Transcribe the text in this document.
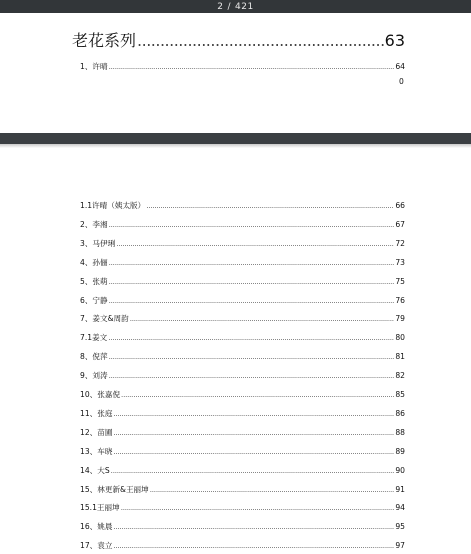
2 / 421
老花系列 .....	63
1、许晴 .....	64
0
1.1许晴（姨太版） .....	66
2、李湘 .....	67
3、马伊琍 .....	72
4、孙俪 .....	73
5、张萌 .....	75
6、宁静 .....	76
7、姜文&周韵 .....	79
7.1姜文 .....	80
8、倪萍 .....	81
9、刘涛 .....	82
10、张嘉倪 .....	85
11、张庭 .....	86
12、苗圃 .....	88
13、车晓 .....	89
14、大S .....	90
15、林更新&王丽坤 .....	91
15.1王丽坤 .....	94
16、姚晨 .....	95
17、袁立 .....	97
